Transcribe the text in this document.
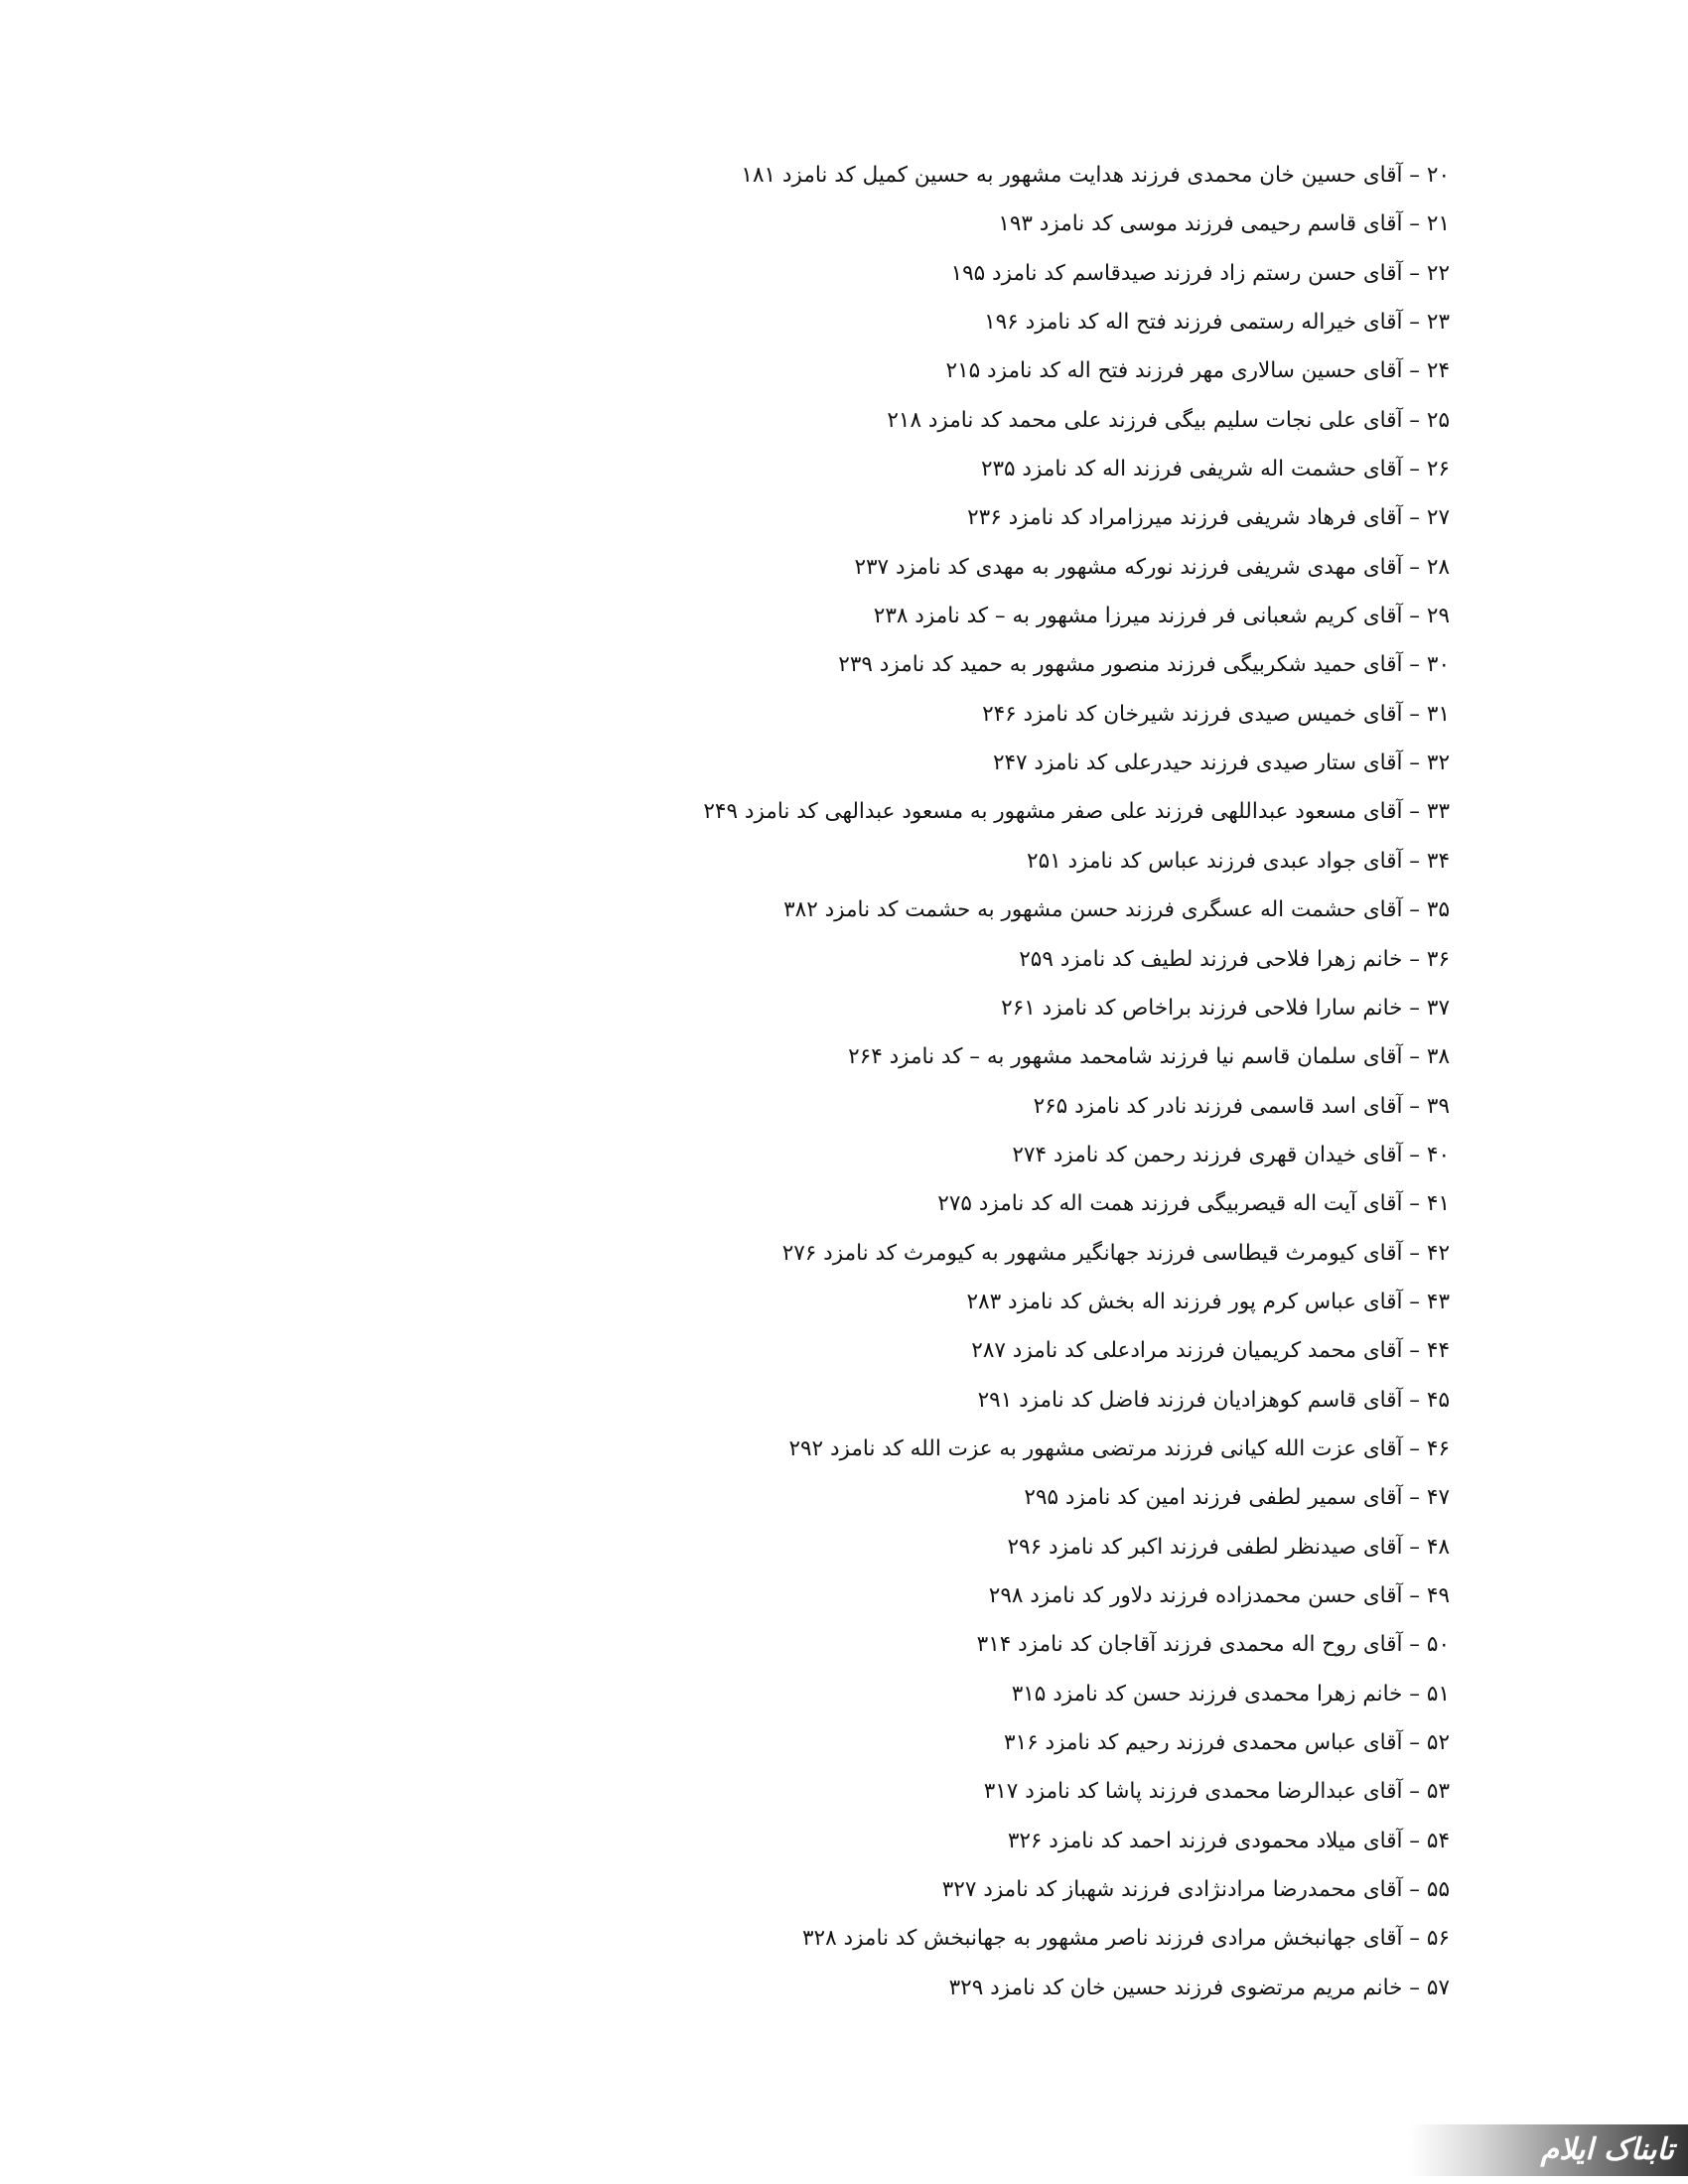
۲۰ – آقای حسین خان محمدی فرزند هدایت مشهور به حسین کمیل کد نامزد ۱۸۱
۲۱ – آقای قاسم رحیمی فرزند موسی کد نامزد ۱۹۳
۲۲ – آقای حسن رستم زاد فرزند صیدقاسم کد نامزد ۱۹۵
۲۳ – آقای خیراله رستمی فرزند فتح اله کد نامزد ۱۹۶
۲۴ – آقای حسین سالاری مهر فرزند فتح اله کد نامزد ۲۱۵
۲۵ – آقای علی نجات سلیم بیگی فرزند علی محمد کد نامزد ۲۱۸
۲۶ – آقای حشمت اله شریفی فرزند اله کد نامزد ۲۳۵
۲۷ – آقای فرهاد شریفی فرزند میرزامراد کد نامزد ۲۳۶
۲۸ – آقای مهدی شریفی فرزند نورکه مشهور به مهدی کد نامزد ۲۳۷
۲۹ – آقای کریم شعبانی فر فرزند میرزا مشهور به – کد نامزد ۲۳۸
۳۰ – آقای حمید شکربیگی فرزند منصور مشهور به حمید کد نامزد ۲۳۹
۳۱ – آقای خمیس صیدی فرزند شیرخان کد نامزد ۲۴۶
۳۲ – آقای ستار صیدی فرزند حیدرعلی کد نامزد ۲۴۷
۳۳ – آقای مسعود عبداللهی فرزند علی صفر مشهور به مسعود عبدالهی کد نامزد ۲۴۹
۳۴ – آقای جواد عبدی فرزند عباس کد نامزد ۲۵۱
۳۵ – آقای حشمت اله عسگری فرزند حسن مشهور به حشمت کد نامزد ۳۸۲
۳۶ – خانم زهرا فلاحی فرزند لطیف کد نامزد ۲۵۹
۳۷ – خانم سارا فلاحی فرزند براخاص کد نامزد ۲۶۱
۳۸ – آقای سلمان قاسم نیا فرزند شامحمد مشهور به – کد نامزد ۲۶۴
۳۹ – آقای اسد قاسمی فرزند نادر کد نامزد ۲۶۵
۴۰ – آقای خیدان قهری فرزند رحمن کد نامزد ۲۷۴
۴۱ – آقای آیت اله قیصربیگی فرزند همت اله کد نامزد ۲۷۵
۴۲ – آقای کیومرث قیطاسی فرزند جهانگیر مشهور به کیومرث کد نامزد ۲۷۶
۴۳ – آقای عباس کرم پور فرزند اله بخش کد نامزد ۲۸۳
۴۴ – آقای محمد کریمیان فرزند مرادعلی کد نامزد ۲۸۷
۴۵ – آقای قاسم کوهزادیان فرزند فاضل کد نامزد ۲۹۱
۴۶ – آقای عزت الله کیانی فرزند مرتضی مشهور به عزت الله کد نامزد ۲۹۲
۴۷ – آقای سمیر لطفی فرزند امین کد نامزد ۲۹۵
۴۸ – آقای صیدنظر لطفی فرزند اکبر کد نامزد ۲۹۶
۴۹ – آقای حسن محمدزاده فرزند دلاور کد نامزد ۲۹۸
۵۰ – آقای روح اله محمدی فرزند آقاجان کد نامزد ۳۱۴
۵۱ – خانم زهرا محمدی فرزند حسن کد نامزد ۳۱۵
۵۲ – آقای عباس محمدی فرزند رحیم کد نامزد ۳۱۶
۵۳ – آقای عبدالرضا محمدی فرزند پاشا کد نامزد ۳۱۷
۵۴ – آقای میلاد محمودی فرزند احمد کد نامزد ۳۲۶
۵۵ – آقای محمدرضا مرادنژادی فرزند شهباز کد نامزد ۳۲۷
۵۶ – آقای جهانبخش مرادی فرزند ناصر مشهور به جهانبخش کد نامزد ۳۲۸
۵۷ – خانم مریم مرتضوی فرزند حسین خان کد نامزد ۳۲۹
تابناک ایلام
